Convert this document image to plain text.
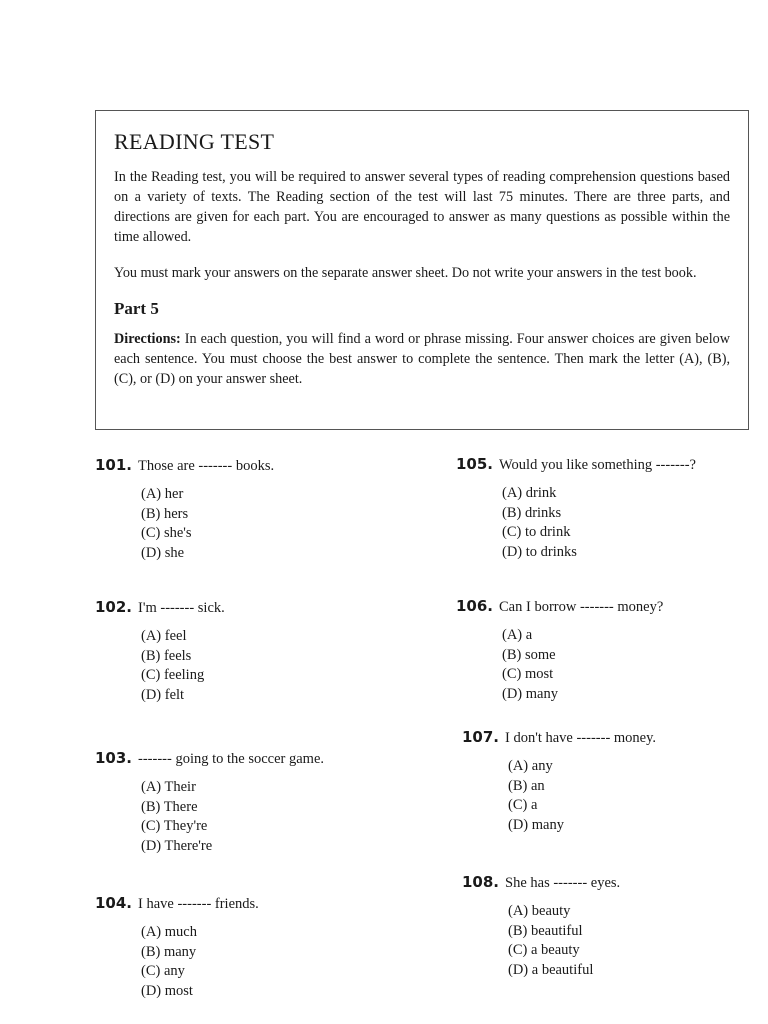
READING TEST

In the Reading test, you will be required to answer several types of reading comprehension questions based on a variety of texts. The Reading section of the test will last 75 minutes. There are three parts, and directions are given for each part. You are encouraged to answer as many questions as possible within the time allowed.

You must mark your answers on the separate answer sheet. Do not write your answers in the test book.

Part 5

Directions: In each question, you will find a word or phrase missing. Four answer choices are given below each sentence. You must choose the best answer to complete the sentence. Then mark the letter (A), (B), (C), or (D) on your answer sheet.

101. Those are ------- books.
(A) her
(B) hers
(C) she's
(D) she
102. I'm ------- sick.
(A) feel
(B) feels
(C) feeling
(D) felt
103. ------- going to the soccer game.
(A) Their
(B) There
(C) They're
(D) There're
104. I have ------- friends.
(A) much
(B) many
(C) any
(D) most
105. Would you like something -------?
(A) drink
(B) drinks
(C) to drink
(D) to drinks
106. Can I borrow ------- money?
(A) a
(B) some
(C) most
(D) many
107. I don't have ------- money.
(A) any
(B) an
(C) a
(D) many
108. She has ------- eyes.
(A) beauty
(B) beautiful
(C) a beauty
(D) a beautiful
